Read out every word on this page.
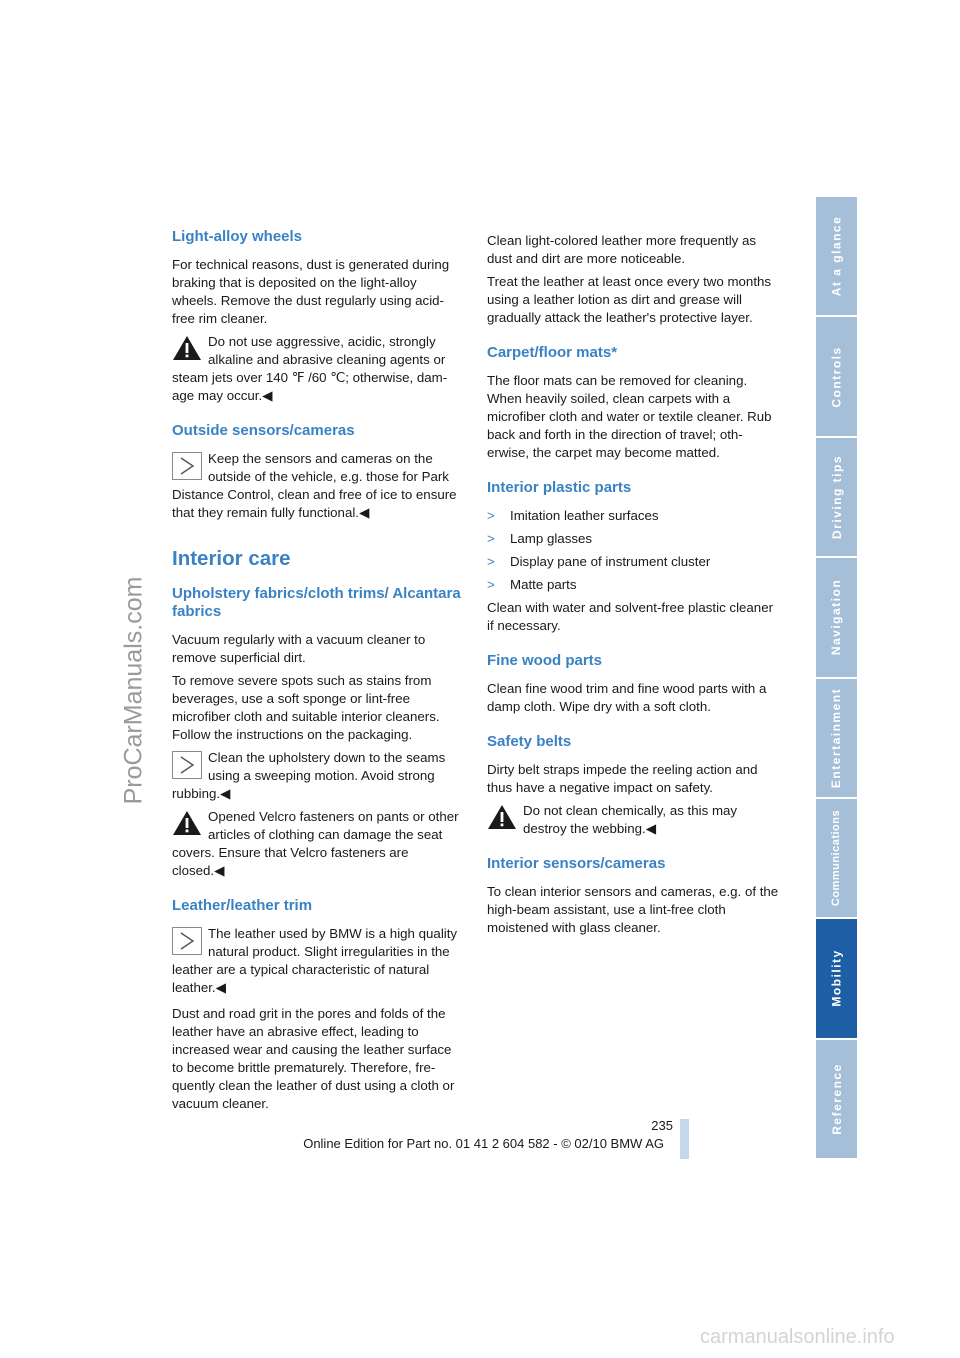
ProCarManuals.com
Light-alloy wheels

For technical reasons, dust is generated during braking that is deposited on the light-alloy wheels. Remove the dust regularly using acid-free rim cleaner.

Do not use aggressive, acidic, strongly alkaline and abrasive cleaning agents or steam jets over 140 ℉ /60 ℃; otherwise, dam-age may occur.◀
Outside sensors/cameras
Keep the sensors and cameras on the outside of the vehicle, e.g. those for Park Distance Control, clean and free of ice to ensure that they remain fully functional.◀
Interior care
Upholstery fabrics/cloth trims/ Alcantara fabrics

Vacuum regularly with a vacuum cleaner to remove superficial dirt.

To remove severe spots such as stains from beverages, use a soft sponge or lint-free microfiber cloth and suitable interior cleaners. Follow the instructions on the packaging.

Clean the upholstery down to the seams using a sweeping motion. Avoid strong rubbing.◀
Opened Velcro fasteners on pants or other articles of clothing can damage the seat covers. Ensure that Velcro fasteners are closed.◀
Leather/leather trim
The leather used by BMW is a high quality natural product. Slight irregularities in the leather are a typical characteristic of natural leather.◀

Dust and road grit in the pores and folds of the leather have an abrasive effect, leading to increased wear and causing the leather surface to become brittle prematurely. Therefore, fre-quently clean the leather of dust using a cloth or vacuum cleaner.

Clean light-colored leather more frequently as dust and dirt are more noticeable.

Treat the leather at least once every two months using a leather lotion as dirt and grease will gradually attack the leather's protective layer.

Carpet/floor mats*

The floor mats can be removed for cleaning. When heavily soiled, clean carpets with a microfiber cloth and water or textile cleaner. Rub back and forth in the direction of travel; oth-erwise, the carpet may become matted.

Interior plastic parts
>	Imitation leather surfaces
>	Lamp glasses
>	Display pane of instrument cluster
>	Matte parts

Clean with water and solvent-free plastic cleaner if necessary.

Fine wood parts

Clean fine wood trim and fine wood parts with a damp cloth. Wipe dry with a soft cloth.

Safety belts

Dirty belt straps impede the reeling action and thus have a negative impact on safety.

Do not clean chemically, as this may destroy the webbing.◀
Interior sensors/cameras

To clean interior sensors and cameras, e.g. of the high-beam assistant, use a lint-free cloth moistened with glass cleaner.

At a glance
Controls
Driving tips
Navigation
Entertainment
Communications
Mobility
Reference
235
Online Edition for Part no. 01 41 2 604 582 - © 02/10 BMW AG
carmanualsonline.info
